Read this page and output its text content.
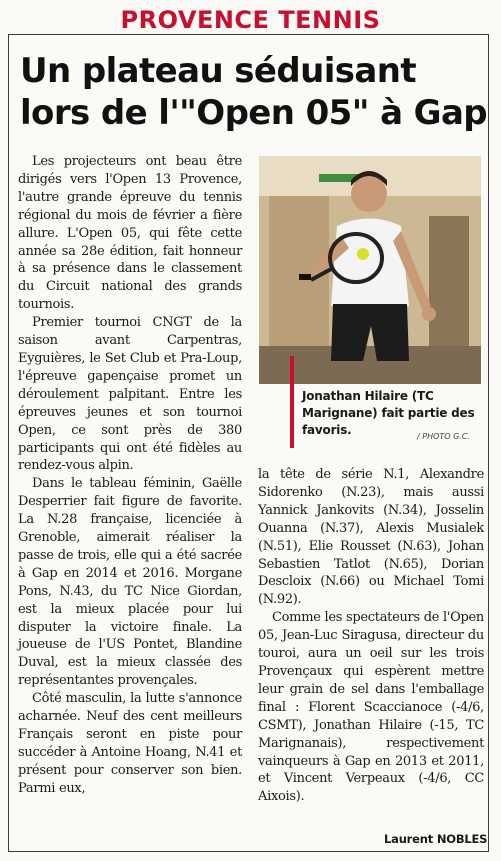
PROVENCE TENNIS
Un plateau séduisant
lors de l'"Open 05" à Gap
Jonathan Hilaire (TC Marignane) fait partie des favoris.	/ PHOTO G.C.

Les projecteurs ont beau être dirigés vers l'Open 13 Provence, l'autre grande épreuve du tennis régional du mois de février a fière allure. L'Open 05, qui fête cette année sa 28e édition, fait honneur à sa présence dans le classement du Circuit national des grands tournois.

Premier tournoi CNGT de la saison avant Carpentras, Eyguières, le Set Club et Pra-Loup, l'épreuve gapençaise promet un déroulement palpitant. Entre les épreuves jeunes et son tournoi Open, ce sont près de 380 participants qui ont été fidèles au rendez-vous alpin.

Dans le tableau féminin, Gaëlle Desperrier fait figure de favorite. La N.28 française, licenciée à Grenoble, aimerait réaliser la passe de trois, elle qui a été sacrée à Gap en 2014 et 2016. Morgane Pons, N.43, du TC Nice Giordan, est la mieux placée pour lui disputer la victoire finale. La joueuse de l'US Pontet, Blandine Duval, est la mieux classée des représentantes provençales.

Côté masculin, la lutte s'annonce acharnée. Neuf des cent meilleurs Français seront en piste pour succéder à Antoine Hoang, N.41 et présent pour conserver son bien. Parmi eux,

la tête de série N.1, Alexandre Sidorenko (N.23), mais aussi Yannick Jankovits (N.34), Josselin Ouanna (N.37), Alexis Musialek (N.51), Elie Rousset (N.63), Johan Sebastien Tatlot (N.65), Dorian Descloix (N.66) ou Michael Tomi (N.92).

Comme les spectateurs de l'Open 05, Jean-Luc Siragusa, directeur du touroi, aura un oeil sur les trois Provençaux qui espèrent mettre leur grain de sel dans l'emballage final : Florent Scaccianoce (-4/6, CSMT), Jonathan Hilaire (-15, TC Marignanais), respectivement vainqueurs à Gap en 2013 et 2011, et Vincent Verpeaux (-4/6, CC Aixois).

Laurent NOBLES
